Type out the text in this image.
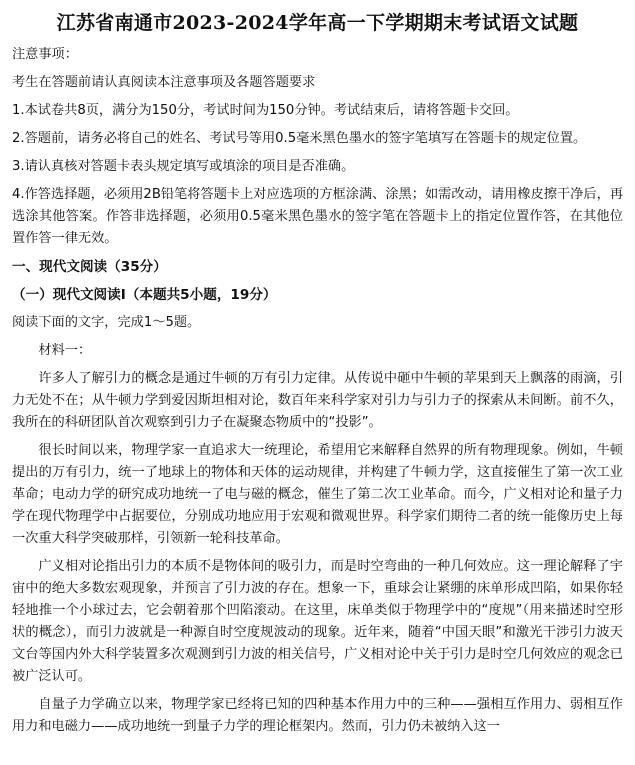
江苏省南通市2023-2024学年高一下学期期末考试语文试题

注意事项：

考生在答题前请认真阅读本注意事项及各题答题要求

1.本试卷共8页，满分为150分，考试时间为150分钟。考试结束后，请将答题卡交回。

2.答题前，请务必将自己的姓名、考试号等用0.5毫米黑色墨水的签字笔填写在答题卡的规定位置。

3.请认真核对答题卡表头规定填写或填涂的项目是否准确。

4.作答选择题，必须用2B铅笔将答题卡上对应选项的方框涂满、涂黑；如需改动，请用橡皮擦干净后，再选涂其他答案。作答非选择题，必须用0.5毫米黑色墨水的签字笔在答题卡上的指定位置作答，在其他位置作答一律无效。

一、现代文阅读（35分）

（一）现代文阅读Ⅰ（本题共5小题，19分）

阅读下面的文字，完成1～5题。

材料一：

许多人了解引力的概念是通过牛顿的万有引力定律。从传说中砸中牛顿的苹果到天上飘落的雨滴，引力无处不在；从牛顿力学到爱因斯坦相对论，数百年来科学家对引力与引力子的探索从未间断。前不久，我所在的科研团队首次观察到引力子在凝聚态物质中的“投影”。

很长时间以来，物理学家一直追求大一统理论，希望用它来解释自然界的所有物理现象。例如，牛顿提出的万有引力，统一了地球上的物体和天体的运动规律，并构建了牛顿力学，这直接催生了第一次工业革命；电动力学的研究成功地统一了电与磁的概念，催生了第二次工业革命。而今，广义相对论和量子力学在现代物理学中占据要位，分别成功地应用于宏观和微观世界。科学家们期待二者的统一能像历史上每一次重大科学突破那样，引领新一轮科技革命。

广义相对论指出引力的本质不是物体间的吸引力，而是时空弯曲的一种几何效应。这一理论解释了宇宙中的绝大多数宏观现象，并预言了引力波的存在。想象一下，重球会让紧绷的床单形成凹陷，如果你轻轻地推一个小球过去，它会朝着那个凹陷滚动。在这里，床单类似于物理学中的“度规”（用来描述时空形状的概念），而引力波就是一种源自时空度规波动的现象。近年来，随着“中国天眼”和激光干涉引力波天文台等国内外大科学装置多次观测到引力波的相关信号，广义相对论中关于引力是时空几何效应的观念已被广泛认可。

自量子力学确立以来，物理学家已经将已知的四种基本作用力中的三种——强相互作用力、弱相互作用力和电磁力——成功地统一到量子力学的理论框架内。然而，引力仍未被纳入这一
